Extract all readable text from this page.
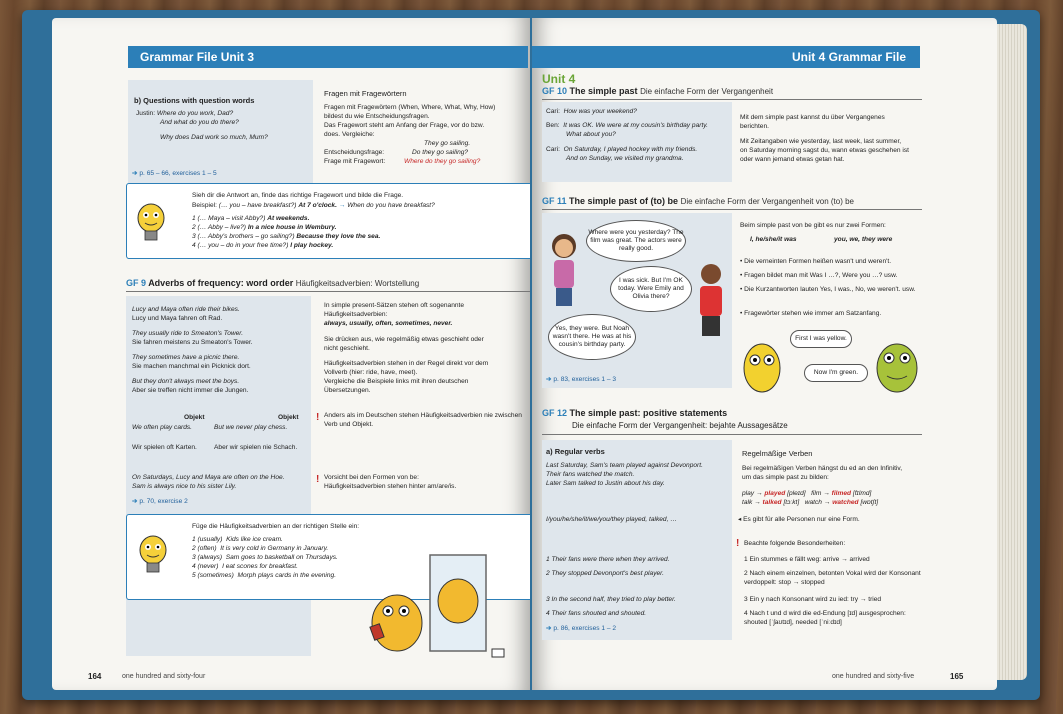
Grammar File Unit 3
b) Questions with question words
Justin: Where do you work, Dad?
And what do you do there?
Why does Dad work so much, Mum?
➔ p. 65 – 66, exercises 1 – 5
Fragen mit Fragewörtern
Fragen mit Fragewörtern (When, Where, What, Why, How)
bildest du wie Entscheidungsfragen.
Das Fragewort steht am Anfang der Frage, vor do bzw.
does. Vergleiche:
They go sailing.
Entscheidungsfrage:	Do they go sailing?
Frage mit Fragewort:	Where do they go sailing?
Sieh dir die Antwort an, finde das richtige Fragewort und bilde die Frage.
Beispiel: (… you – have breakfast?) At 7 o'clock. → When do you have breakfast?
1 (… Maya – visit Abby?) At weekends.
2 (… Abby – live?) In a nice house in Wembury.
3 (… Abby's brothers – go sailing?) Because they love the sea.
4 (… you – do in your free time?) I play hockey.
GF 9 Adverbs of frequency: word order Häufigkeitsadverbien: Wortstellung
Lucy and Maya often ride their bikes.
Lucy und Maya fahren oft Rad.
They usually ride to Smeaton's Tower.
Sie fahren meistens zu Smeaton's Tower.
They sometimes have a picnic there.
Sie machen manchmal ein Picknick dort.
But they don't always meet the boys.
Aber sie treffen nicht immer die Jungen.
Objekt	Objekt
We often play cards.	But we never play chess.
Wir spielen oft Karten.	Aber wir spielen nie Schach.
On Saturdays, Lucy and Maya are often on the Hoe.
Sam is always nice to his sister Lily.
➔ p. 70, exercise 2
In simple present-Sätzen stehen oft sogenannte
Häufigkeitsadverbien:
always, usually, often, sometimes, never.
Sie drücken aus, wie regelmäßig etwas geschieht oder
nicht geschieht.
Häufigkeitsadverbien stehen in der Regel direkt vor dem
Vollverb (hier: ride, have, meet).
Vergleiche die Beispiele links mit ihren deutschen
Übersetzungen.
! Anders als im Deutschen stehen Häufigkeitsadverbien nie zwischen Verb und Objekt.
! Vorsicht bei den Formen von be:
Häufigkeitsadverbien stehen hinter am/are/is.
Füge die Häufigkeitsadverbien an der richtigen Stelle ein:
1 (usually) Kids like ice cream.
2 (often) It is very cold in Germany in January.
3 (always) Sam goes to basketball on Thursdays.
4 (never) I eat scones for breakfast.
5 (sometimes) Morph plays cards in the evening.
164	one hundred and sixty-four
Unit 4 Grammar File
Unit 4
GF 10 The simple past Die einfache Form der Vergangenheit
Cari: How was your weekend?
Ben: It was OK. We were at my cousin's birthday party.
What about you?
Cari: On Saturday, I played hockey with my friends.
And on Sunday, we visited my grandma.
Mit dem simple past kannst du über Vergangenes
berichten.
Mit Zeitangaben wie yesterday, last week, last summer,
on Saturday morning sagst du, wann etwas geschehen ist
oder wann jemand etwas getan hat.
GF 11 The simple past of (to) be Die einfache Form der Vergangenheit von (to) be
Where were you yesterday? The film was great. The actors were really good.
I was sick. But I'm OK today. Were Emily and Olivia there?
Yes, they were. But Noah wasn't there. He was at his cousin's birthday party.
➔ p. 83, exercises 1 – 3
Beim simple past von be gibt es nur zwei Formen:
I, he/she/it was	you, we, they were
• Die verneinten Formen heißen wasn't und weren't.
• Fragen bildet man mit Was I …?, Were you …? usw.
• Die Kurzantworten lauten Yes, I was., No, we weren't. usw.
• Fragewörter stehen wie immer am Satzanfang.
First I was yellow.
Now I'm green.
GF 12 The simple past: positive statements
Die einfache Form der Vergangenheit: bejahte Aussagesätze
a) Regular verbs
Last Saturday, Sam's team played against Devonport.
Their fans watched the match.
Later Sam talked to Justin about his day.
I/you/he/she/it/we/you/they played, talked, …
1 Their fans were there when they arrived.
2 They stopped Devonport's best player.
3 In the second half, they tried to play better.
4 Their fans shouted and shouted.
➔ p. 86, exercises 1 – 2
Regelmäßige Verben
Bei regelmäßigen Verben hängst du ed an den Infinitiv,
um das simple past zu bilden:
play → played [pleɪd] film → filmed [fɪlmd]
talk → talked [tɔːkt] watch → watched [wɒtʃt]
◂ Es gibt für alle Personen nur eine Form.
! Beachte folgende Besonderheiten:
1 Ein stummes e fällt weg: arrive → arrived
2 Nach einem einzelnen, betonten Vokal wird der Konsonant verdoppelt: stop → stopped
3 Ein y nach Konsonant wird zu ied: try → tried
4 Nach t und d wird die ed-Endung [ɪd] ausgesprochen: shouted [ˈʃaʊtɪd], needed [ˈniːdɪd]
one hundred and sixty-five	165
